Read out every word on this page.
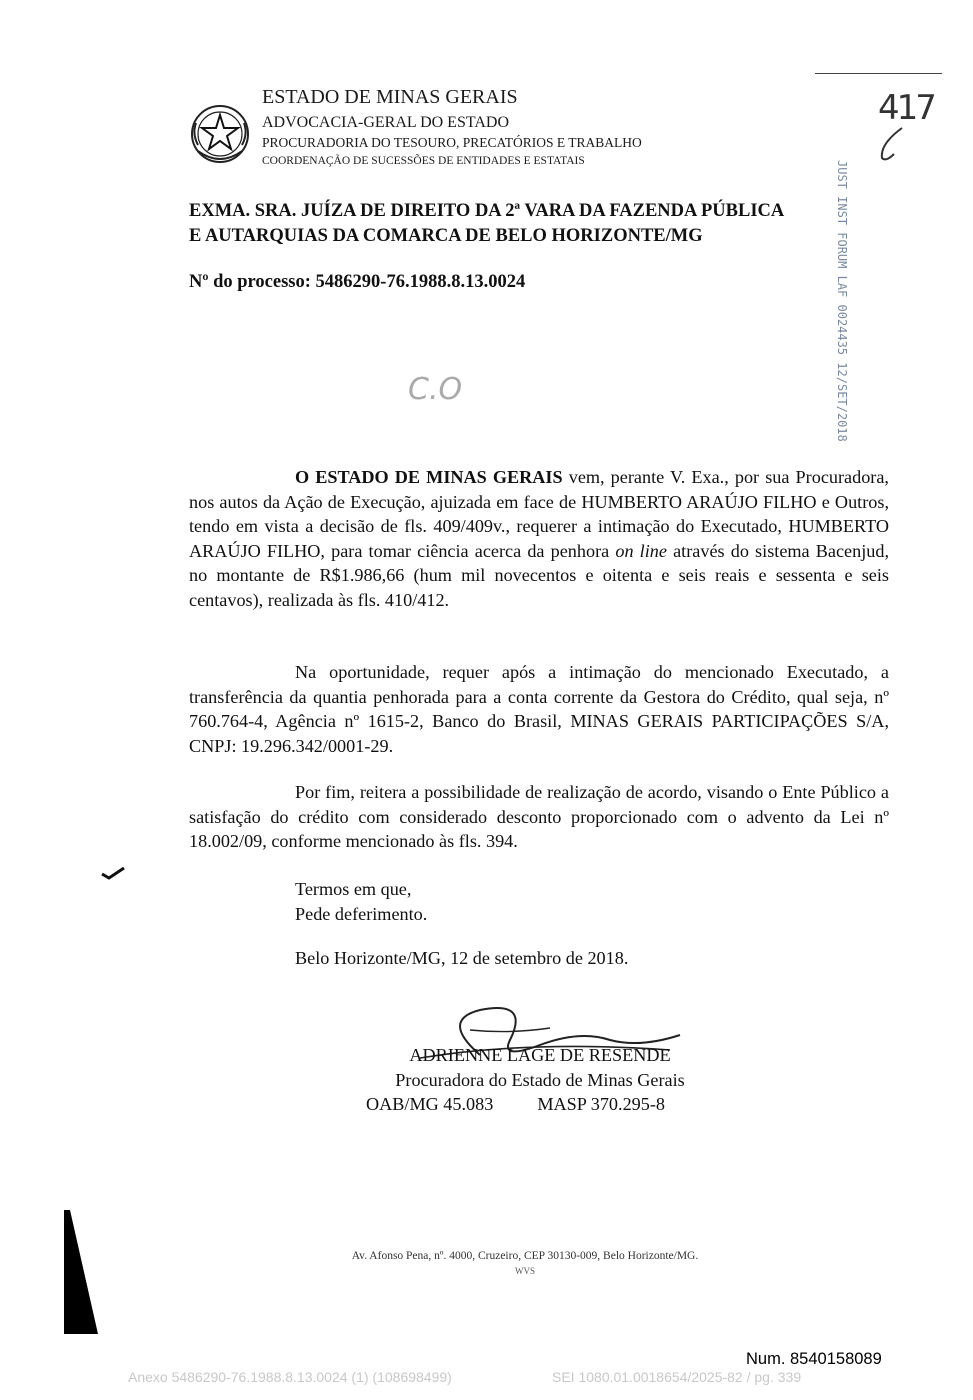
ESTADO DE MINAS GERAIS
ADVOCACIA-GERAL DO ESTADO
PROCURADORIA DO TESOURO, PRECATÓRIOS E TRABALHO
COORDENAÇÃO DE SUCESSÕES DE ENTIDADES E ESTATAIS
417
JUST INST FORUM LAF 0024435 12/SET/2018
EXMA. SRA. JUÍZA DE DIREITO DA 2ª VARA DA FAZENDA PÚBLICA
E AUTARQUIAS DA COMARCA DE BELO HORIZONTE/MG
Nº do processo: 5486290-76.1988.8.13.0024
C.O
O ESTADO DE MINAS GERAIS vem, perante V. Exa., por sua Procuradora, nos autos da Ação de Execução, ajuizada em face de HUMBERTO ARAÚJO FILHO e Outros, tendo em vista a decisão de fls. 409/409v., requerer a intimação do Executado, HUMBERTO ARAÚJO FILHO, para tomar ciência acerca da penhora on line através do sistema Bacenjud, no montante de R$1.986,66 (hum mil novecentos e oitenta e seis reais e sessenta e seis centavos), realizada às fls. 410/412.
Na oportunidade, requer após a intimação do mencionado Executado, a transferência da quantia penhorada para a conta corrente da Gestora do Crédito, qual seja, nº 760.764-4, Agência nº 1615-2, Banco do Brasil, MINAS GERAIS PARTICIPAÇÕES S/A, CNPJ: 19.296.342/0001-29.
Por fim, reitera a possibilidade de realização de acordo, visando o Ente Público a satisfação do crédito com considerado desconto proporcionado com o advento da Lei nº 18.002/09, conforme mencionado às fls. 394.
Termos em que,
Pede deferimento.
Belo Horizonte/MG, 12 de setembro de 2018.
ADRIENNE LAGE DE RESENDE
Procuradora do Estado de Minas Gerais
OAB/MG 45.083 MASP 370.295-8
Av. Afonso Pena, nº. 4000, Cruzeiro, CEP 30130-009, Belo Horizonte/MG.
WVS
Num. 8540158089
Anexo 5486290-76.1988.8.13.0024 (1) (108698499)	SEI 1080.01.0018654/2025-82 / pg. 339
